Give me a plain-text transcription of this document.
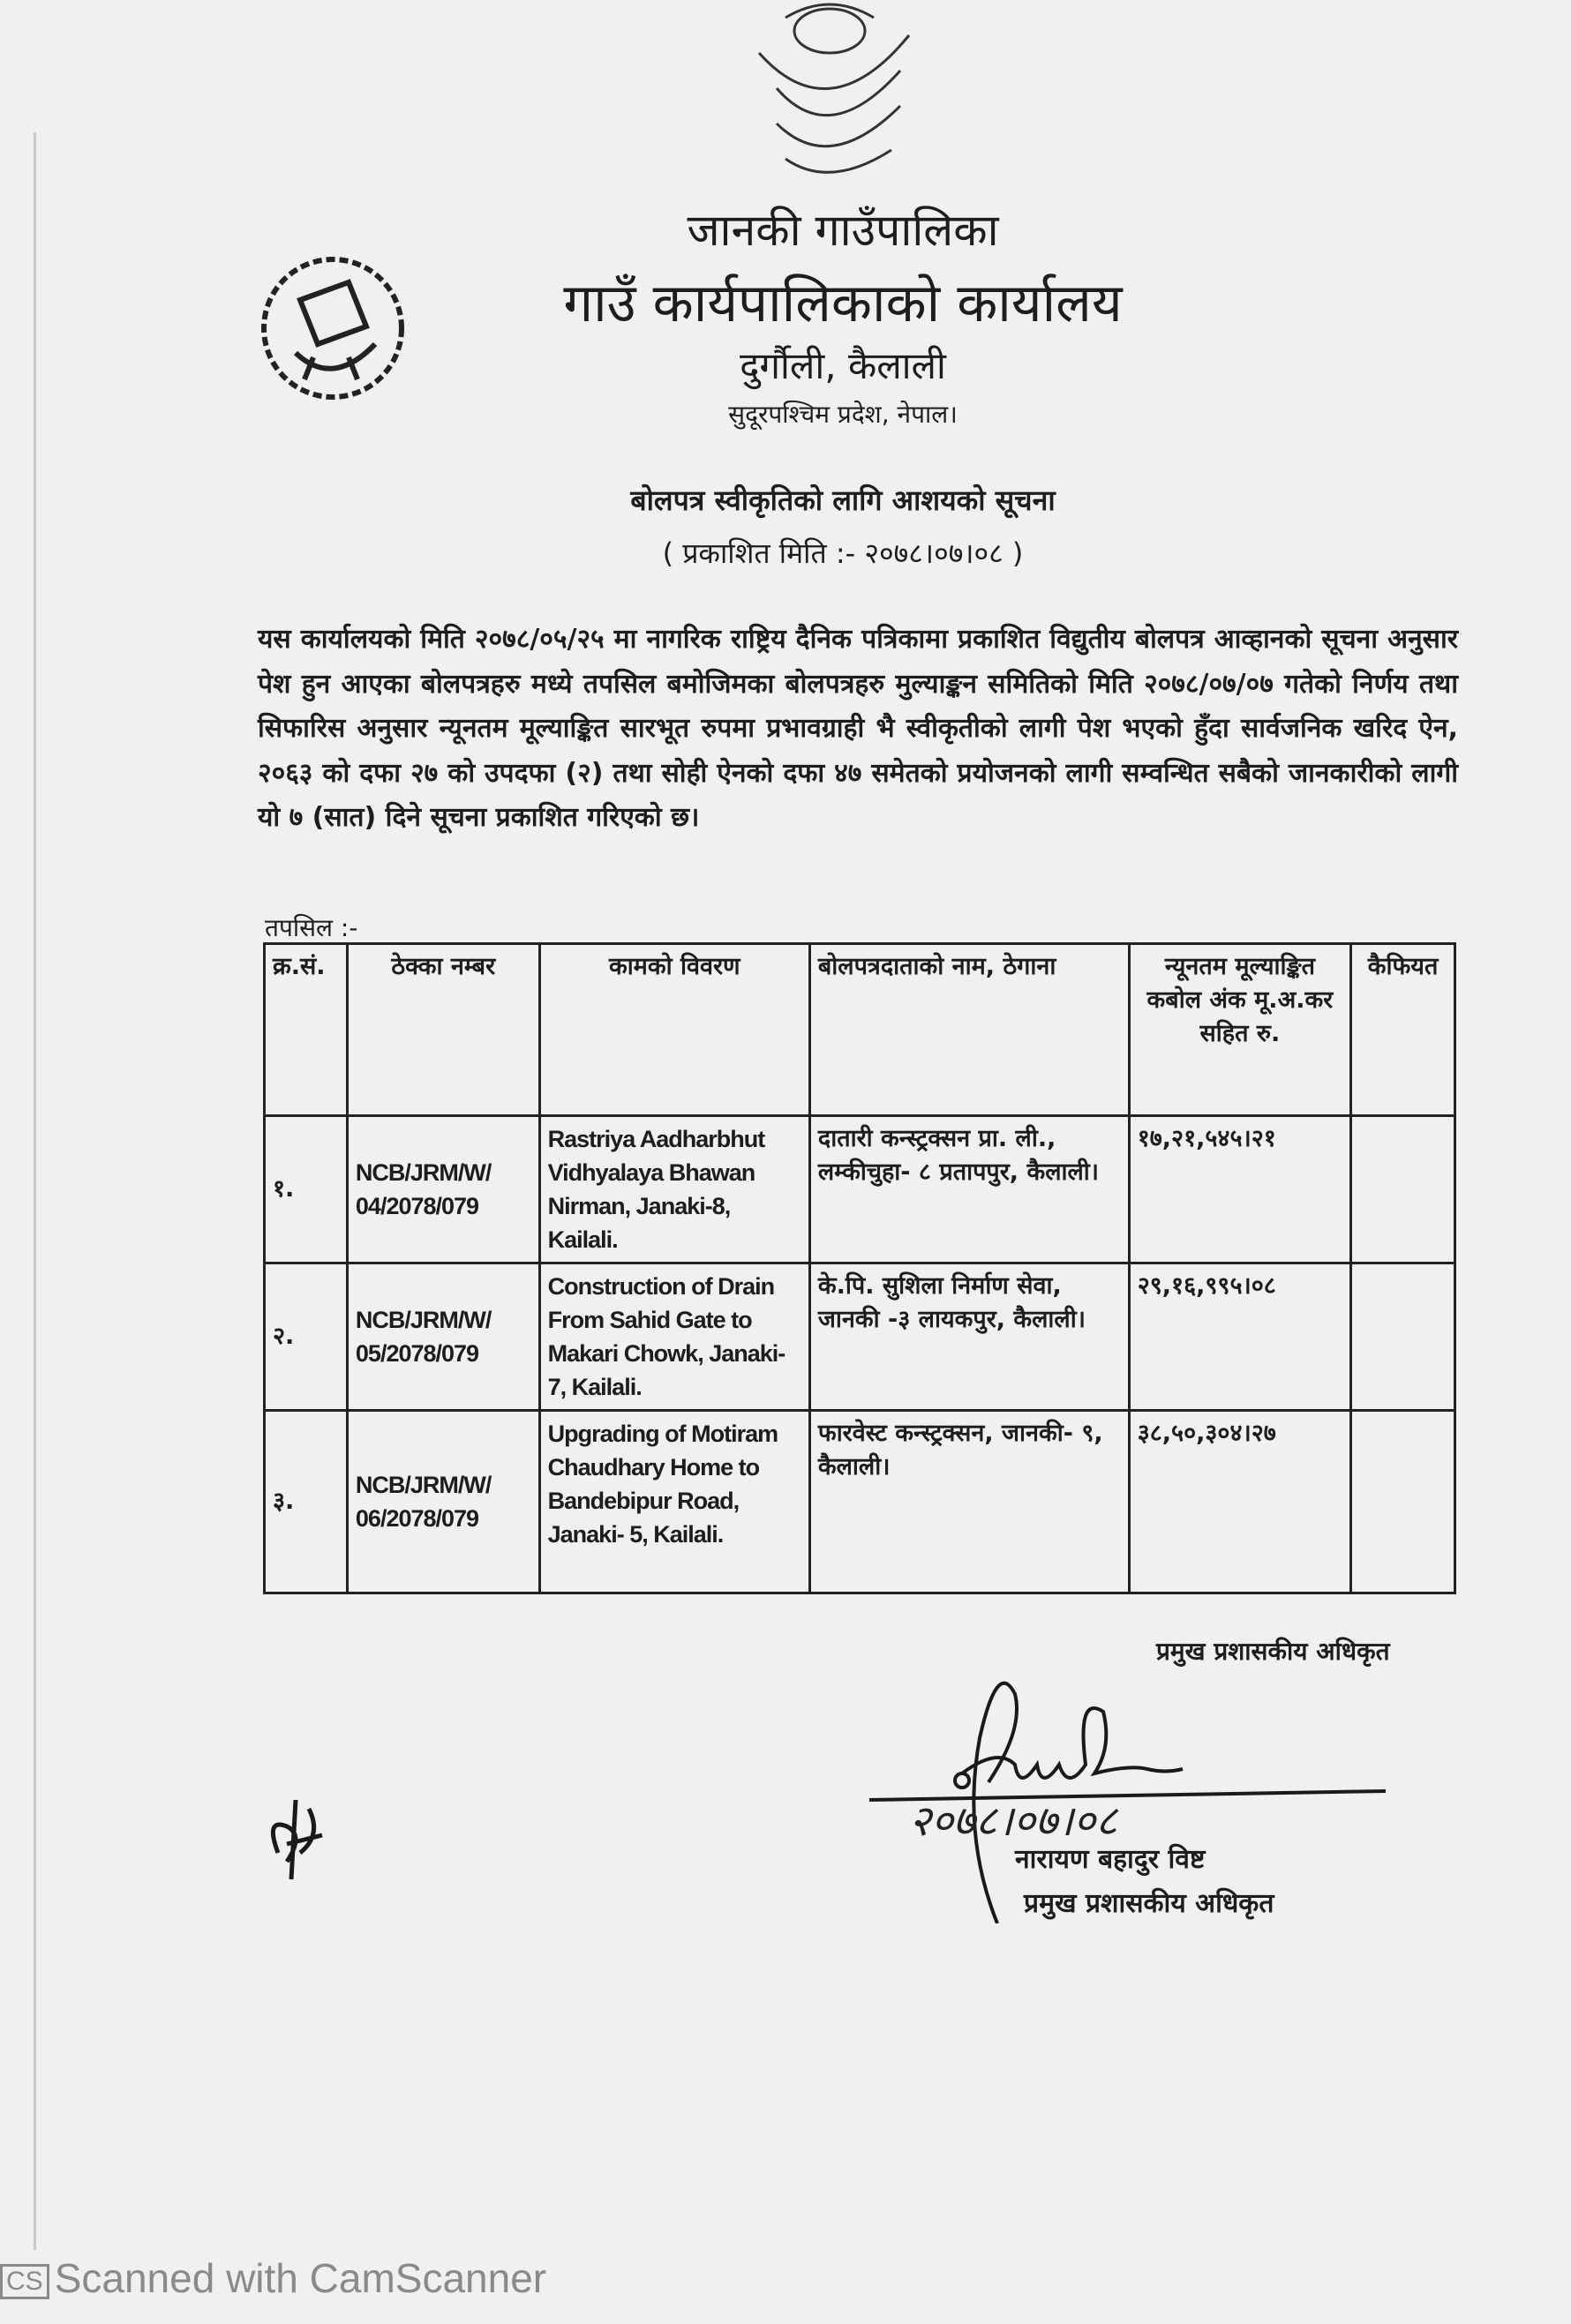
जानकी गाउँपालिका
गाउँ कार्यपालिकाको कार्यालय
दुर्गौली, कैलाली
सुदूरपश्चिम प्रदेश, नेपाल।
बोलपत्र स्वीकृतिको लागि आशयको सूचना
( प्रकाशित मिति :- २०७८।०७।०८ )
यस कार्यालयको मिति २०७८/०५/२५ मा नागरिक राष्ट्रिय दैनिक पत्रिकामा प्रकाशित विद्युतीय बोलपत्र आव्हानको सूचना अनुसार पेश हुन आएका बोलपत्रहरु मध्ये तपसिल बमोजिमका बोलपत्रहरु मुल्याङ्कन समितिको मिति २०७८/०७/०७ गतेको निर्णय तथा सिफारिस अनुसार न्यूनतम मूल्याङ्कित सारभूत रुपमा प्रभावग्राही भै स्वीकृतीको लागी पेश भएको हुँदा सार्वजनिक खरिद ऐन, २०६३ को दफा २७ को उपदफा (२) तथा सोही ऐनको दफा ४७ समेतको प्रयोजनको लागी सम्वन्धित सबैको जानकारीको लागी यो ७ (सात) दिने सूचना प्रकाशित गरिएको छ।
तपसिल :-
क्र.सं.	ठेक्का नम्बर	कामको विवरण	बोलपत्रदाताको नाम, ठेगाना	न्यूनतम मूल्याङ्कित कबोल अंक मू.अ.कर सहित रु.	कैफियत
१.	NCB/JRM/W/ 04/2078/079	Rastriya Aadharbhut Vidhyalaya Bhawan Nirman, Janaki-8, Kailali.	दातारी कन्स्ट्रक्सन प्रा. ली., लम्कीचुहा- ८ प्रतापपुर, कैलाली।	१७,२१,५४५।२१	
२.	NCB/JRM/W/ 05/2078/079	Construction of Drain From Sahid Gate to Makari Chowk, Janaki-7, Kailali.	के.पि. सुशिला निर्माण सेवा, जानकी -३ लायकपुर, कैलाली।	२९,१६,९९५।०८	
३.	NCB/JRM/W/ 06/2078/079	Upgrading of Motiram Chaudhary Home to Bandebipur Road, Janaki- 5, Kailali.	फारवेस्ट कन्स्ट्रक्सन, जानकी- ९, कैलाली।	३८,५०,३०४।२७	
प्रमुख प्रशासकीय अधिकृत
२०७८।०७।०८
नारायण बहादुर विष्ट
प्रमुख प्रशासकीय अधिकृत
CS Scanned with CamScanner
